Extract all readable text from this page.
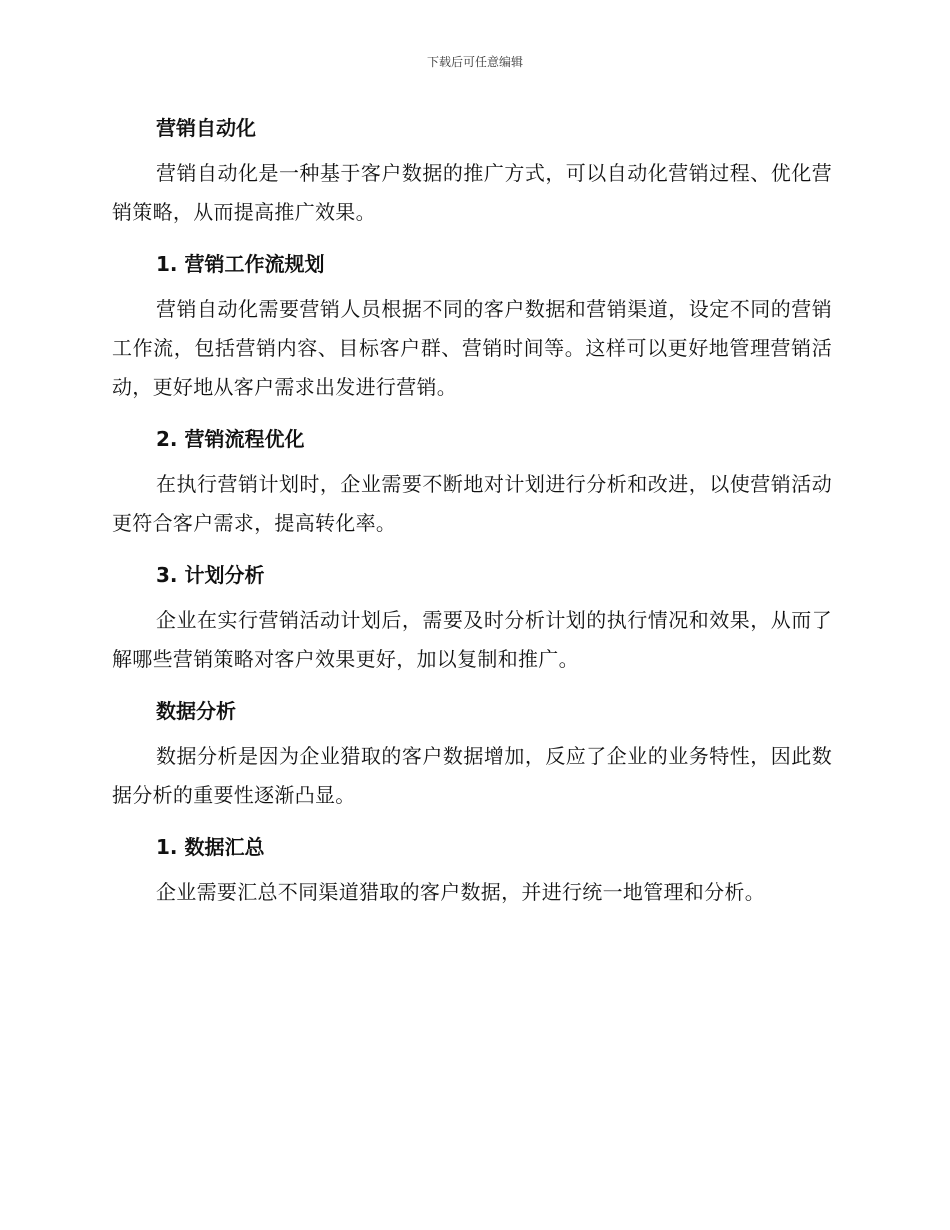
下载后可任意编辑
营销自动化

营销自动化是一种基于客户数据的推广方式，可以自动化营销过程、优化营销策略，从而提高推广效果。

1. 营销工作流规划

营销自动化需要营销人员根据不同的客户数据和营销渠道，设定不同的营销工作流，包括营销内容、目标客户群、营销时间等。这样可以更好地管理营销活动，更好地从客户需求出发进行营销。

2. 营销流程优化

在执行营销计划时，企业需要不断地对计划进行分析和改进，以使营销活动更符合客户需求，提高转化率。

3. 计划分析

企业在实行营销活动计划后，需要及时分析计划的执行情况和效果，从而了解哪些营销策略对客户效果更好，加以复制和推广。

数据分析

数据分析是因为企业猎取的客户数据增加，反应了企业的业务特性，因此数据分析的重要性逐渐凸显。

1. 数据汇总

企业需要汇总不同渠道猎取的客户数据，并进行统一地管理和分析。
